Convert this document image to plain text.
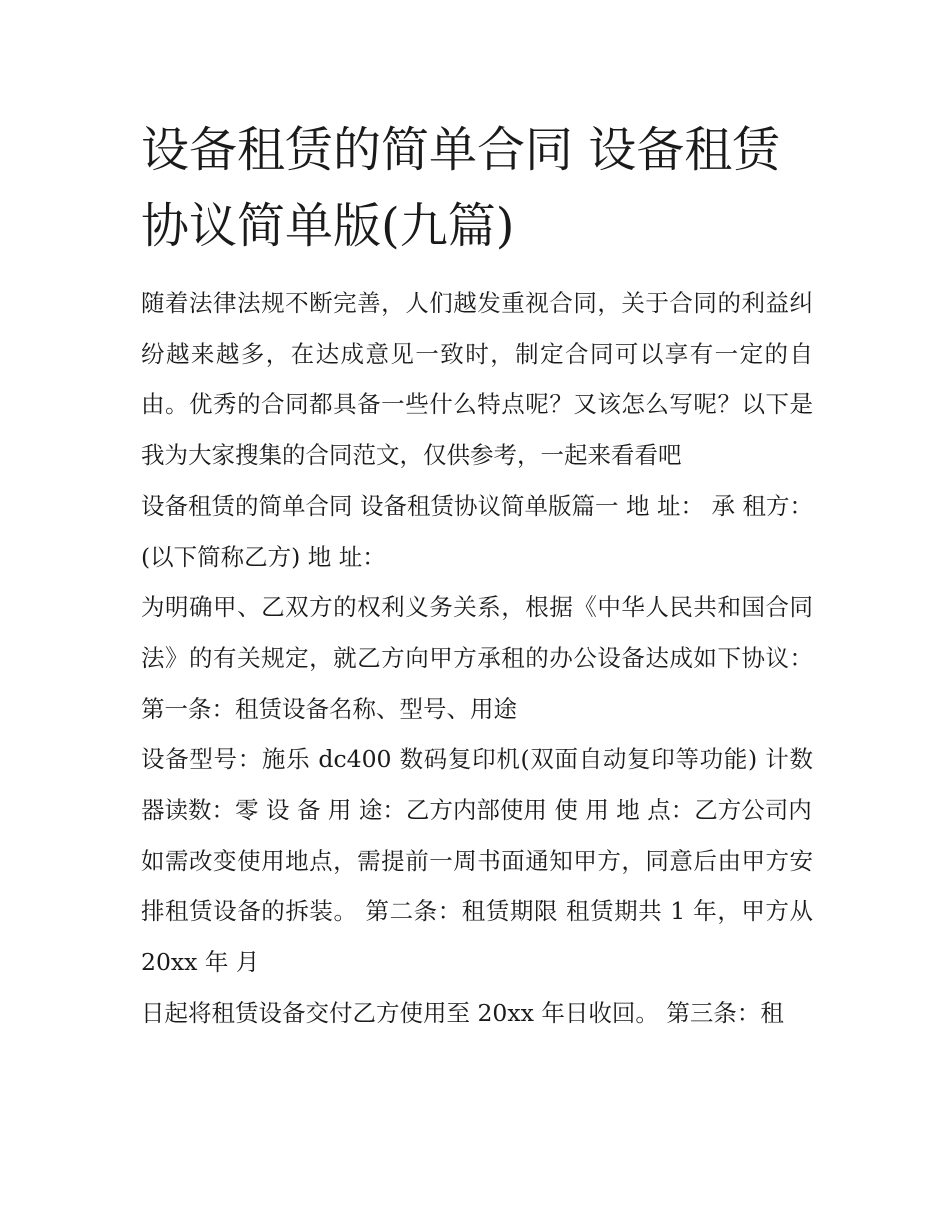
设备租赁的简单合同 设备租赁协议简单版(九篇)

随着法律法规不断完善，人们越发重视合同，关于合同的利益纠纷越来越多，在达成意见一致时，制定合同可以享有一定的自由。优秀的合同都具备一些什么特点呢？又该怎么写呢？以下是我为大家搜集的合同范文，仅供参考，一起来看看吧

设备租赁的简单合同 设备租赁协议简单版篇一 地 址： 承 租方： (以下简称乙方) 地 址：

为明确甲、乙双方的权利义务关系，根据《中华人民共和国合同法》的有关规定，就乙方向甲方承租的办公设备达成如下协议： 第一条：租赁设备名称、型号、用途

设备型号：施乐 dc400 数码复印机(双面自动复印等功能) 计数器读数：零 设 备 用 途：乙方内部使用 使 用 地 点：乙方公司内

如需改变使用地点，需提前一周书面通知甲方，同意后由甲方安排租赁设备的拆装。 第二条：租赁期限 租赁期共 1 年，甲方从 20xx 年 月

日起将租赁设备交付乙方使用至 20xx 年日收回。 第三条：租
